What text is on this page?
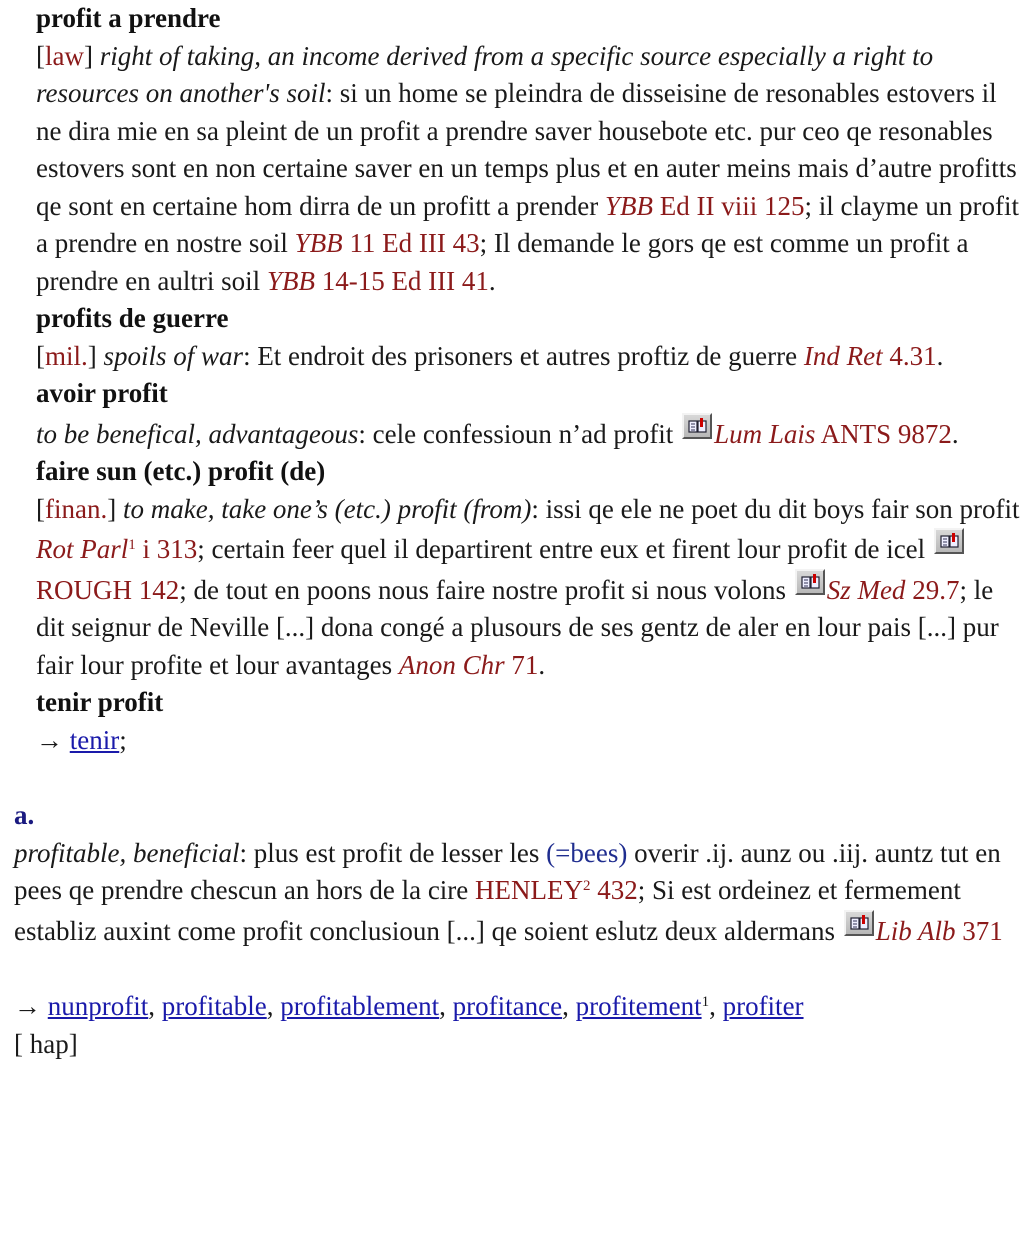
profit a prendre

[law] right of taking, an income derived from a specific source especially a right to resources on another's soil: si un home se pleindra de disseisine de resonables estovers il ne dira mie en sa pleint de un profit a prendre saver housebote etc. pur ceo qe resonables estovers sont en non certaine saver en un temps plus et en auter meins mais d’autre profitts qe sont en certaine hom dirra de un profitt a prender YBB Ed II viii 125; il clayme un profit a prendre en nostre soil YBB 11 Ed III 43; Il demande le gors qe est comme un profit a prendre en aultri soil YBB 14-15 Ed III 41.

profits de guerre

[mil.] spoils of war: Et endroit des prisoners et autres proftiz de guerre Ind Ret 4.31.

avoir profit

to be benefical, advantageous: cele confessioun n’ad profit
Lum Lais ANTS 9872.

faire sun (etc.) profit (de)

[finan.] to make, take one’s (etc.) profit (from): issi qe ele ne poet du dit boys fair son profit Rot Parl$^1$ i 313; certain feer quel il departirent entre eux et firent lour profit de icel
ROUGH 142; de tout en poons nous faire nostre profit si nous volons
Sz Med 29.7; le dit seignur de Neville [...] dona congé a plusours de ses gentz de aler en lour pais [...] pur fair lour profite et lour avantages Anon Chr 71.

tenir profit

→ tenir;

a.

profitable, beneficial: plus est profit de lesser les (=bees) overir .ij. aunz ou .iij. auntz tut en pees qe prendre chescun an hors de la cire HENLEY$^2$ 432; Si est ordeinez et fermement establiz auxint come profit conclusioun [...] qe soient eslutz deux aldermans
Lib Alb 371

→ nunprofit, profitable, profitablement, profitance, profitement$^1$, profiter
[ hap]
